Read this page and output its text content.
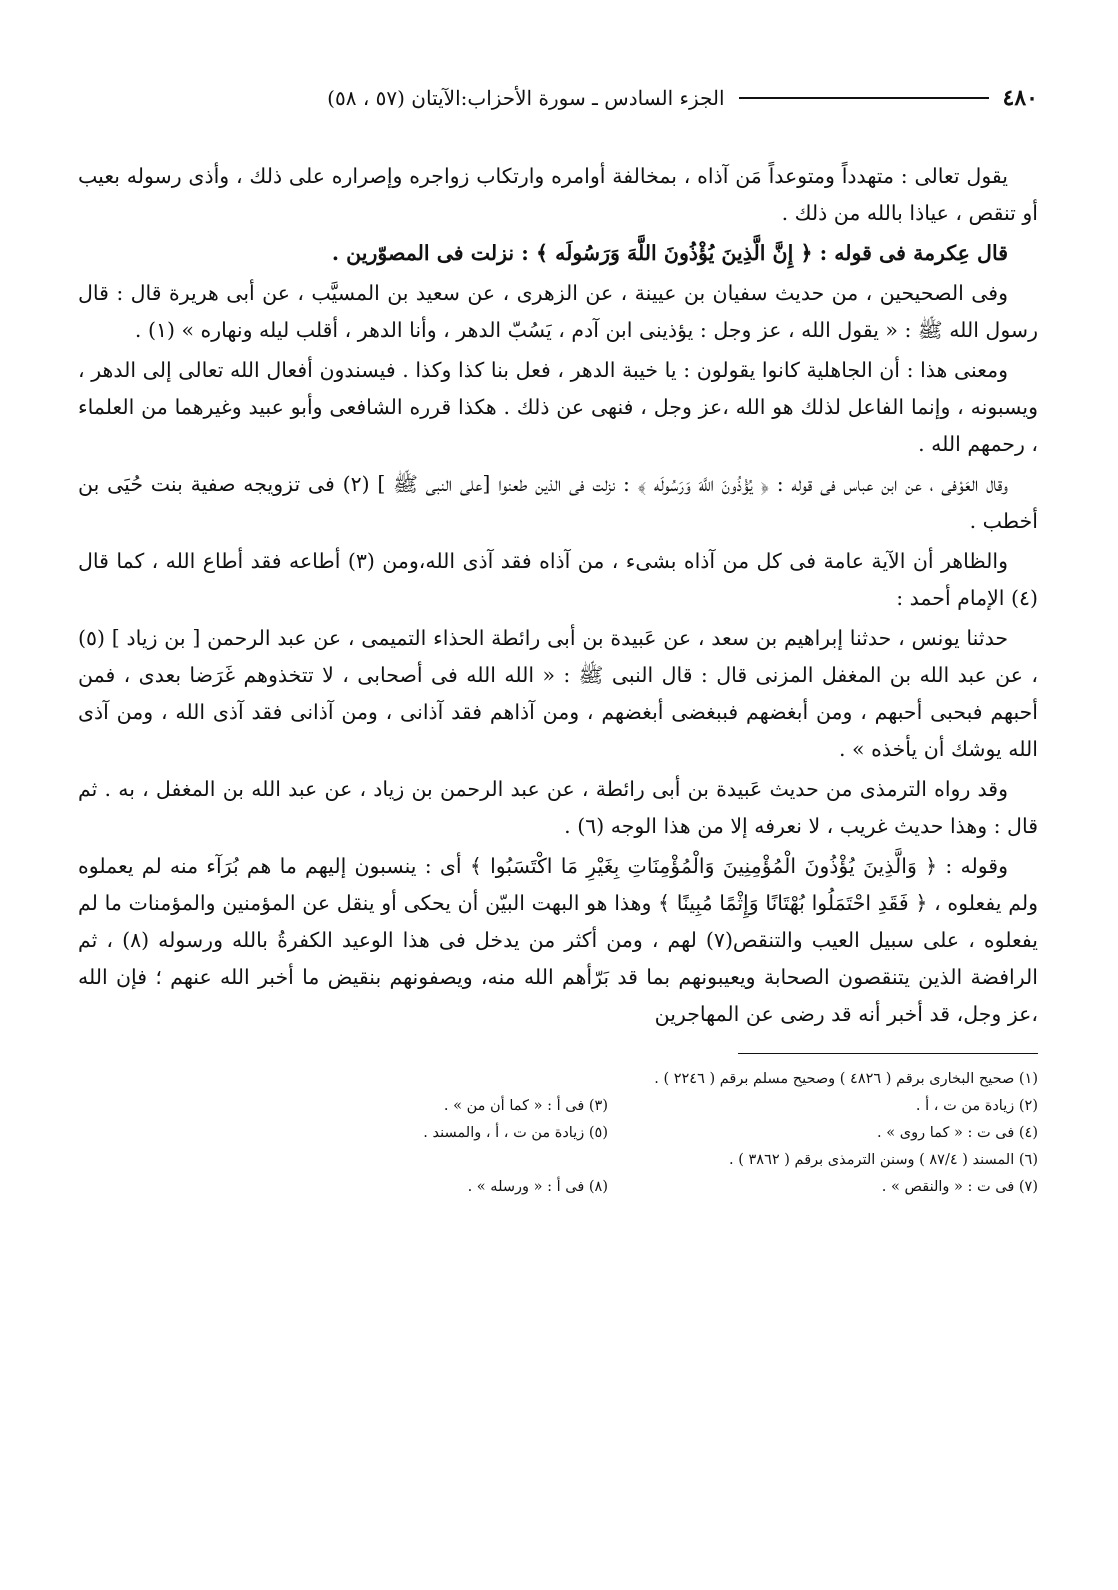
٤٨٠
الجزء السادس ـ سورة الأحزاب:الآيتان (٥٧ ، ٥٨)

يقول تعالى : متهدداً ومتوعداً مَن آذاه ، بمخالفة أوامره وارتكاب زواجره وإصراره على ذلك ، وأذى رسوله بعيب أو تنقص ، عياذا بالله من ذلك .

قال عِكرمة فى قوله : ﴿ إِنَّ الَّذِينَ يُؤْذُونَ اللَّهَ وَرَسُولَه ﴾ : نزلت فى المصوّرين .

وفى الصحيحين ، من حديث سفيان بن عيينة ، عن الزهرى ، عن سعيد بن المسيَّب ، عن أبى هريرة قال : قال رسول الله ﷺ : « يقول الله ، عز وجل : يؤذينى ابن آدم ، يَسُبّ الدهر ، وأنا الدهر ، أقلب ليله ونهاره » (١) .

ومعنى هذا : أن الجاهلية كانوا يقولون : يا خيبة الدهر ، فعل بنا كذا وكذا . فيسندون أفعال الله تعالى إلى الدهر ، ويسبونه ، وإنما الفاعل لذلك هو الله ،عز وجل ، فنهى عن ذلك . هكذا قرره الشافعى وأبو عبيد وغيرهما من العلماء ، رحمهم الله .

وقال العَوْفى ، عن ابن عباس فى قوله : ﴿ يُؤْذُونَ اللَّهَ وَرَسُولَه ﴾ : نزلت فى الذين طعنوا [على النبى ﷺ ] (٢) فى تزويجه صفية بنت حُيَى بن أخطب .

والظاهر أن الآية عامة فى كل من آذاه بشىء ، من آذاه فقد آذى الله،ومن (٣) أطاعه فقد أطاع الله ، كما قال (٤) الإمام أحمد :

حدثنا يونس ، حدثنا إبراهيم بن سعد ، عن عَبيدة بن أبى رائطة الحذاء التميمى ، عن عبد الرحمن [ بن زياد ] (٥) ، عن عبد الله بن المغفل المزنى قال : قال النبى ﷺ : « الله الله فى أصحابى ، لا تتخذوهم غَرَضا بعدى ، فمن أحبهم فبحبى أحبهم ، ومن أبغضهم فببغضى أبغضهم ، ومن آذاهم فقد آذانى ، ومن آذانى فقد آذى الله ، ومن آذى الله يوشك أن يأخذه » .

وقد رواه الترمذى من حديث عَبيدة بن أبى رائطة ، عن عبد الرحمن بن زياد ، عن عبد الله بن المغفل ، به . ثم قال : وهذا حديث غريب ، لا نعرفه إلا من هذا الوجه (٦) .

وقوله : ﴿ وَالَّذِينَ يُؤْذُونَ الْمُؤْمِنِينَ وَالْمُؤْمِنَاتِ بِغَيْرِ مَا اكْتَسَبُوا ﴾ أى : ينسبون إليهم ما هم بُرَآء منه لم يعملوه ولم يفعلوه ، ﴿ فَقَدِ احْتَمَلُوا بُهْتَانًا وَإِثْمًا مُبِينًا ﴾ وهذا هو البهت البيّن أن يحكى أو ينقل عن المؤمنين والمؤمنات ما لم يفعلوه ، على سبيل العيب والتنقص(٧) لهم ، ومن أكثر من يدخل فى هذا الوعيد الكفرةُ بالله ورسوله (٨) ، ثم الرافضة الذين يتنقصون الصحابة ويعيبونهم بما قد بَرّأهم الله منه، ويصفونهم بنقيض ما أخبر الله عنهم ؛ فإن الله ،عز وجل، قد أخبر أنه قد رضى عن المهاجرين

(١) صحيح البخارى برقم ( ٤٨٢٦ ) وصحيح مسلم برقم ( ٢٢٤٦ ) .
(٢) زيادة من ت ، أ .
(٣) فى أ : « كما أن من » .
(٤) فى ت : « كما روى » .
(٥) زيادة من ت ، أ ، والمسند .
(٦) المسند ( ٨٧/٤ ) وسنن الترمذى برقم ( ٣٨٦٢ ) .
(٧) فى ت : « والنقص » .
(٨) فى أ : « ورسله » .
